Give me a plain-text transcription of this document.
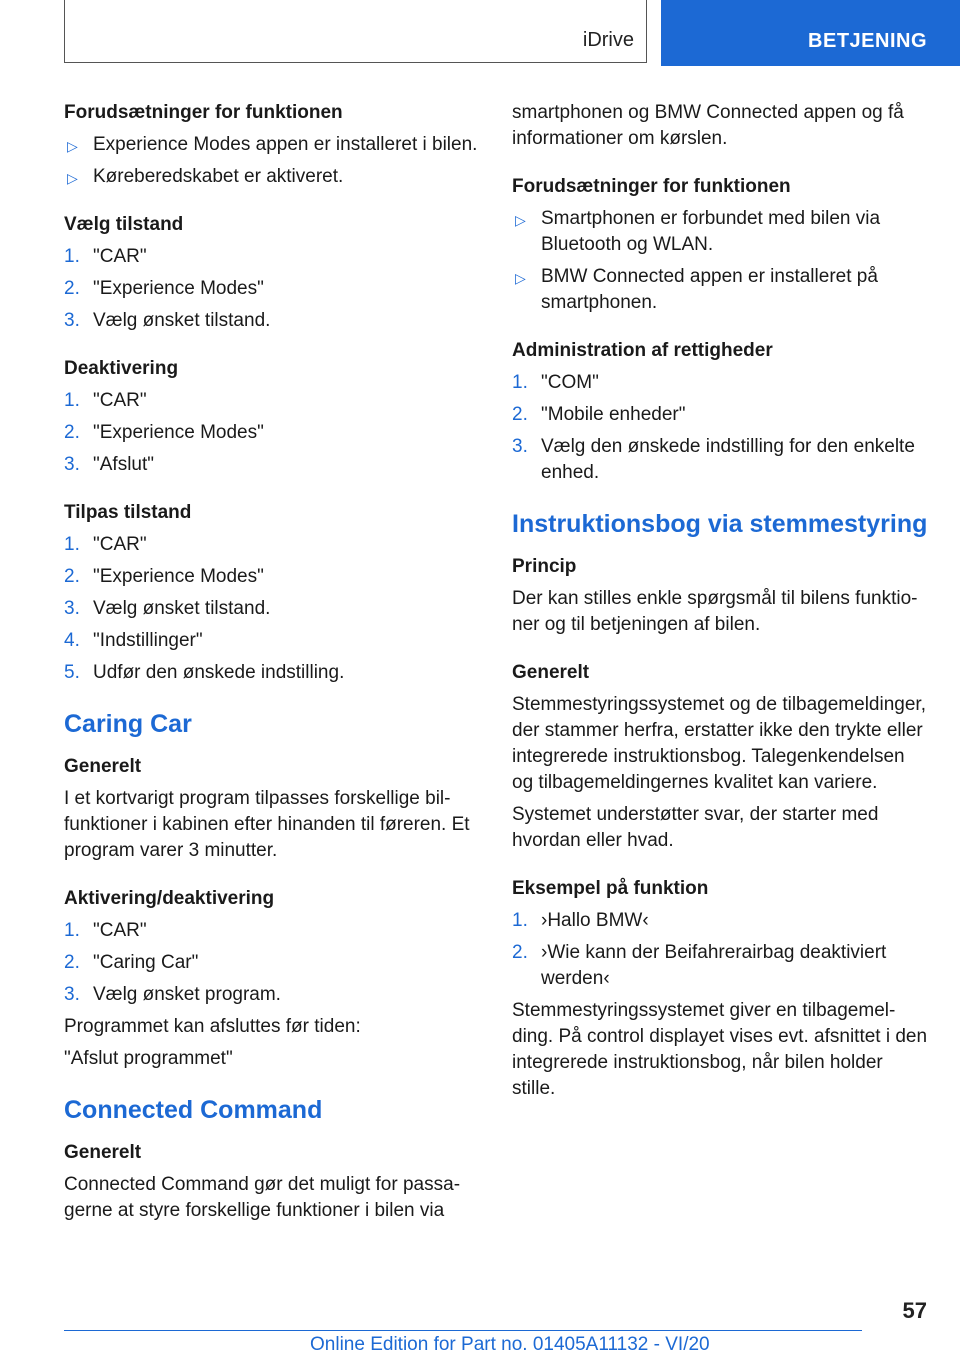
iDrive	BETJENING
Forudsætninger for funktionen
▷ Experience Modes appen er installeret i bilen.
▷ Køreberedskabet er aktiveret.
Vælg tilstand
1. "CAR"
2. "Experience Modes"
3. Vælg ønsket tilstand.
Deaktivering
1. "CAR"
2. "Experience Modes"
3. "Afslut"
Tilpas tilstand
1. "CAR"
2. "Experience Modes"
3. Vælg ønsket tilstand.
4. "Indstillinger"
5. Udfør den ønskede indstilling.
Caring Car
Generelt
I et kortvarigt program tilpasses forskellige bilfunktioner i kabinen efter hinanden til føreren. Et program varer 3 minutter.
Aktivering/deaktivering
1. "CAR"
2. "Caring Car"
3. Vælg ønsket program.
Programmet kan afsluttes før tiden:
"Afslut programmet"
Connected Command
Generelt
Connected Command gør det muligt for passagerne at styre forskellige funktioner i bilen via
smartphonen og BMW Connected appen og få informationer om kørslen.
Forudsætninger for funktionen
▷ Smartphonen er forbundet med bilen via Bluetooth og WLAN.
▷ BMW Connected appen er installeret på smartphonen.
Administration af rettigheder
1. "COM"
2. "Mobile enheder"
3. Vælg den ønskede indstilling for den enkelte enhed.
Instruktionsbog via stemmestyring
Princip
Der kan stilles enkle spørgsmål til bilens funktioner og til betjeningen af bilen.
Generelt
Stemmestyringssystemet og de tilbagemeldinger, der stammer herfra, erstatter ikke den trykte eller integrerede instruktionsbog. Talegenkendelsen og tilbagemeldingernes kvalitet kan variere.
Systemet understøtter svar, der starter med hvordan eller hvad.
Eksempel på funktion
1. ›Hallo BMW‹
2. ›Wie kann der Beifahrerairbag deaktiviert werden‹
Stemmestyringssystemet giver en tilbagemelding. På control displayet vises evt. afsnittet i den integrerede instruktionsbog, når bilen holder stille.
57
Online Edition for Part no. 01405A11132 - VI/20
